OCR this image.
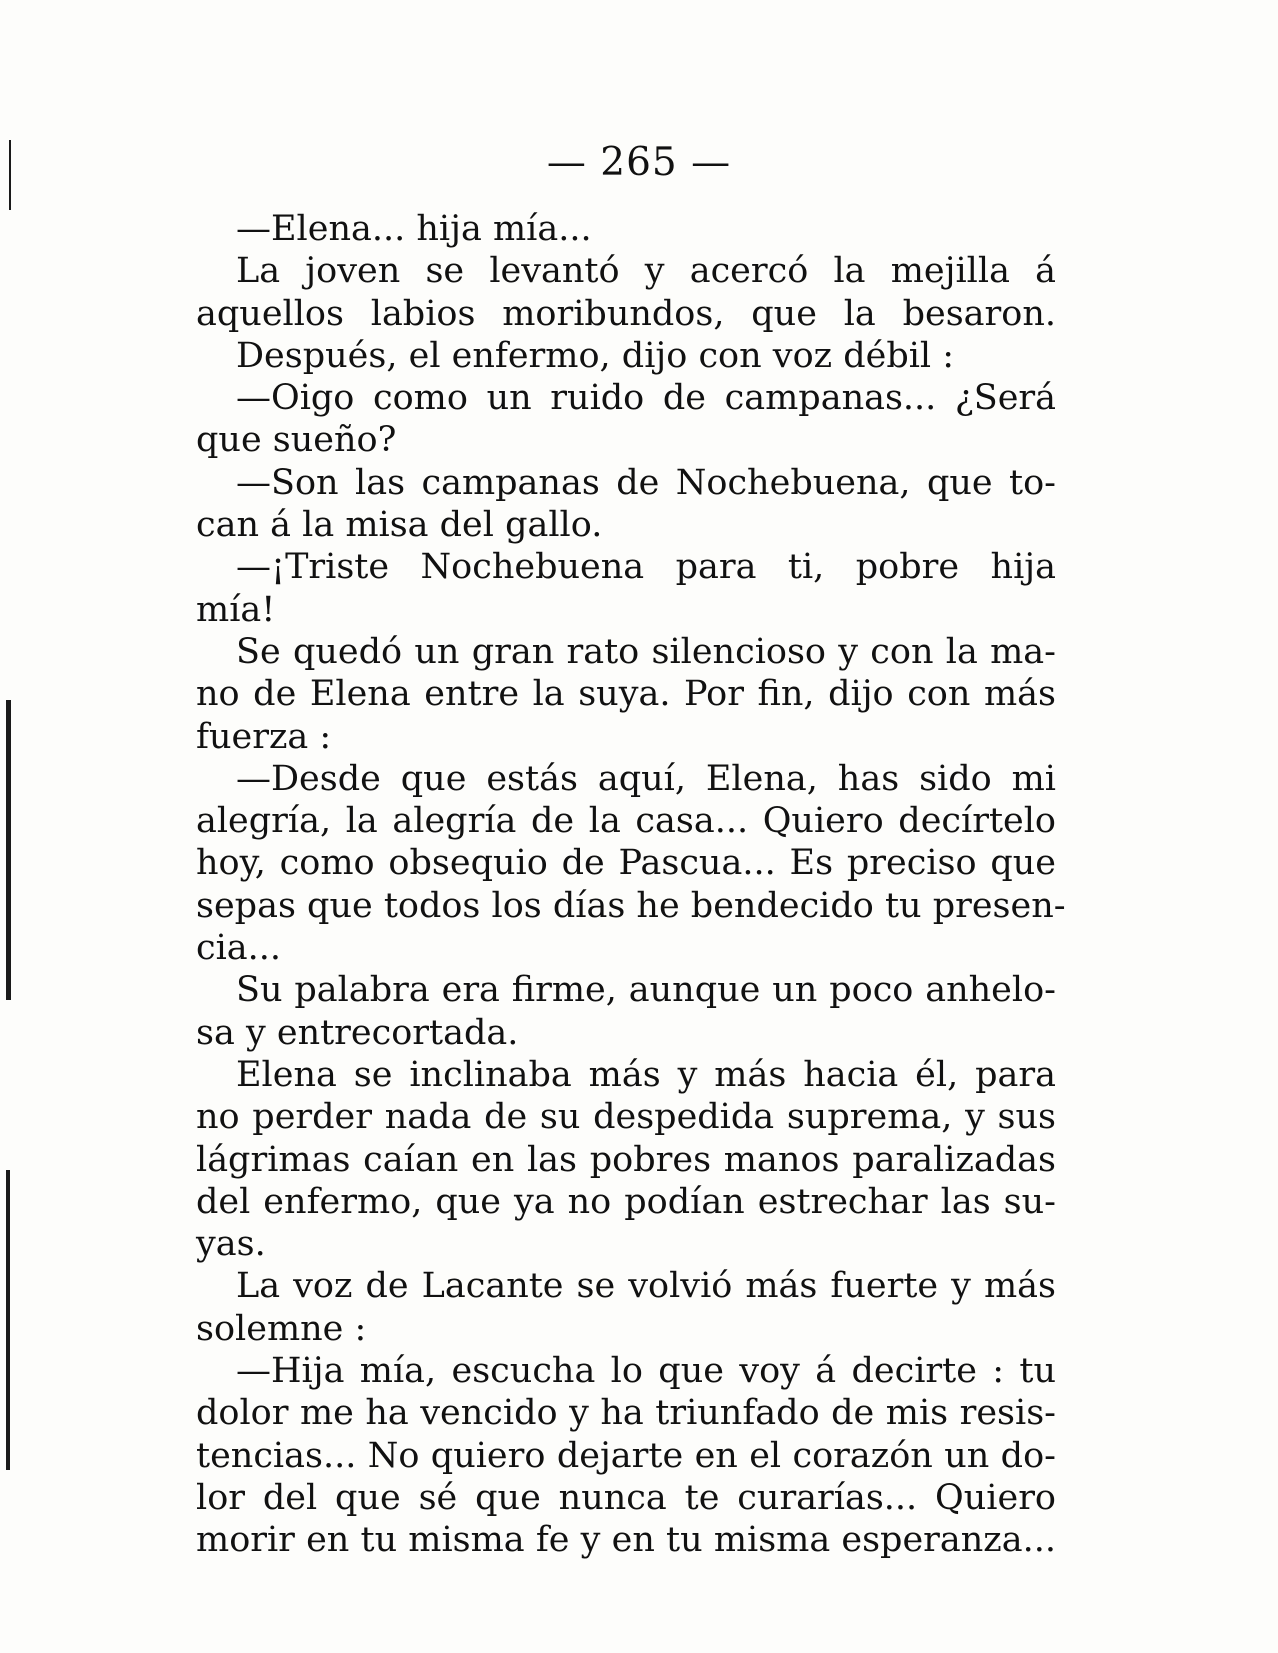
— 265 —
—Elena... hija mía...
La joven se levantó y acercó la mejilla á
aquellos labios moribundos, que la besaron.
Después, el enfermo, dijo con voz débil :
—Oigo como un ruido de campanas... ¿Será
que sueño?
—Son las campanas de Nochebuena, que to-
can á la misa del gallo.
—¡Triste Nochebuena para ti, pobre hija
mía!
Se quedó un gran rato silencioso y con la ma-
no de Elena entre la suya. Por fin, dijo con más
fuerza :
—Desde que estás aquí, Elena, has sido mi
alegría, la alegría de la casa... Quiero decírtelo
hoy, como obsequio de Pascua... Es preciso que
sepas que todos los días he bendecido tu presen-
cia...
Su palabra era firme, aunque un poco anhelo-
sa y entrecortada.
Elena se inclinaba más y más hacia él, para
no perder nada de su despedida suprema, y sus
lágrimas caían en las pobres manos paralizadas
del enfermo, que ya no podían estrechar las su-
yas.
La voz de Lacante se volvió más fuerte y más
solemne :
—Hija mía, escucha lo que voy á decirte : tu
dolor me ha vencido y ha triunfado de mis resis-
tencias... No quiero dejarte en el corazón un do-
lor del que sé que nunca te curarías... Quiero
morir en tu misma fe y en tu misma esperanza...
